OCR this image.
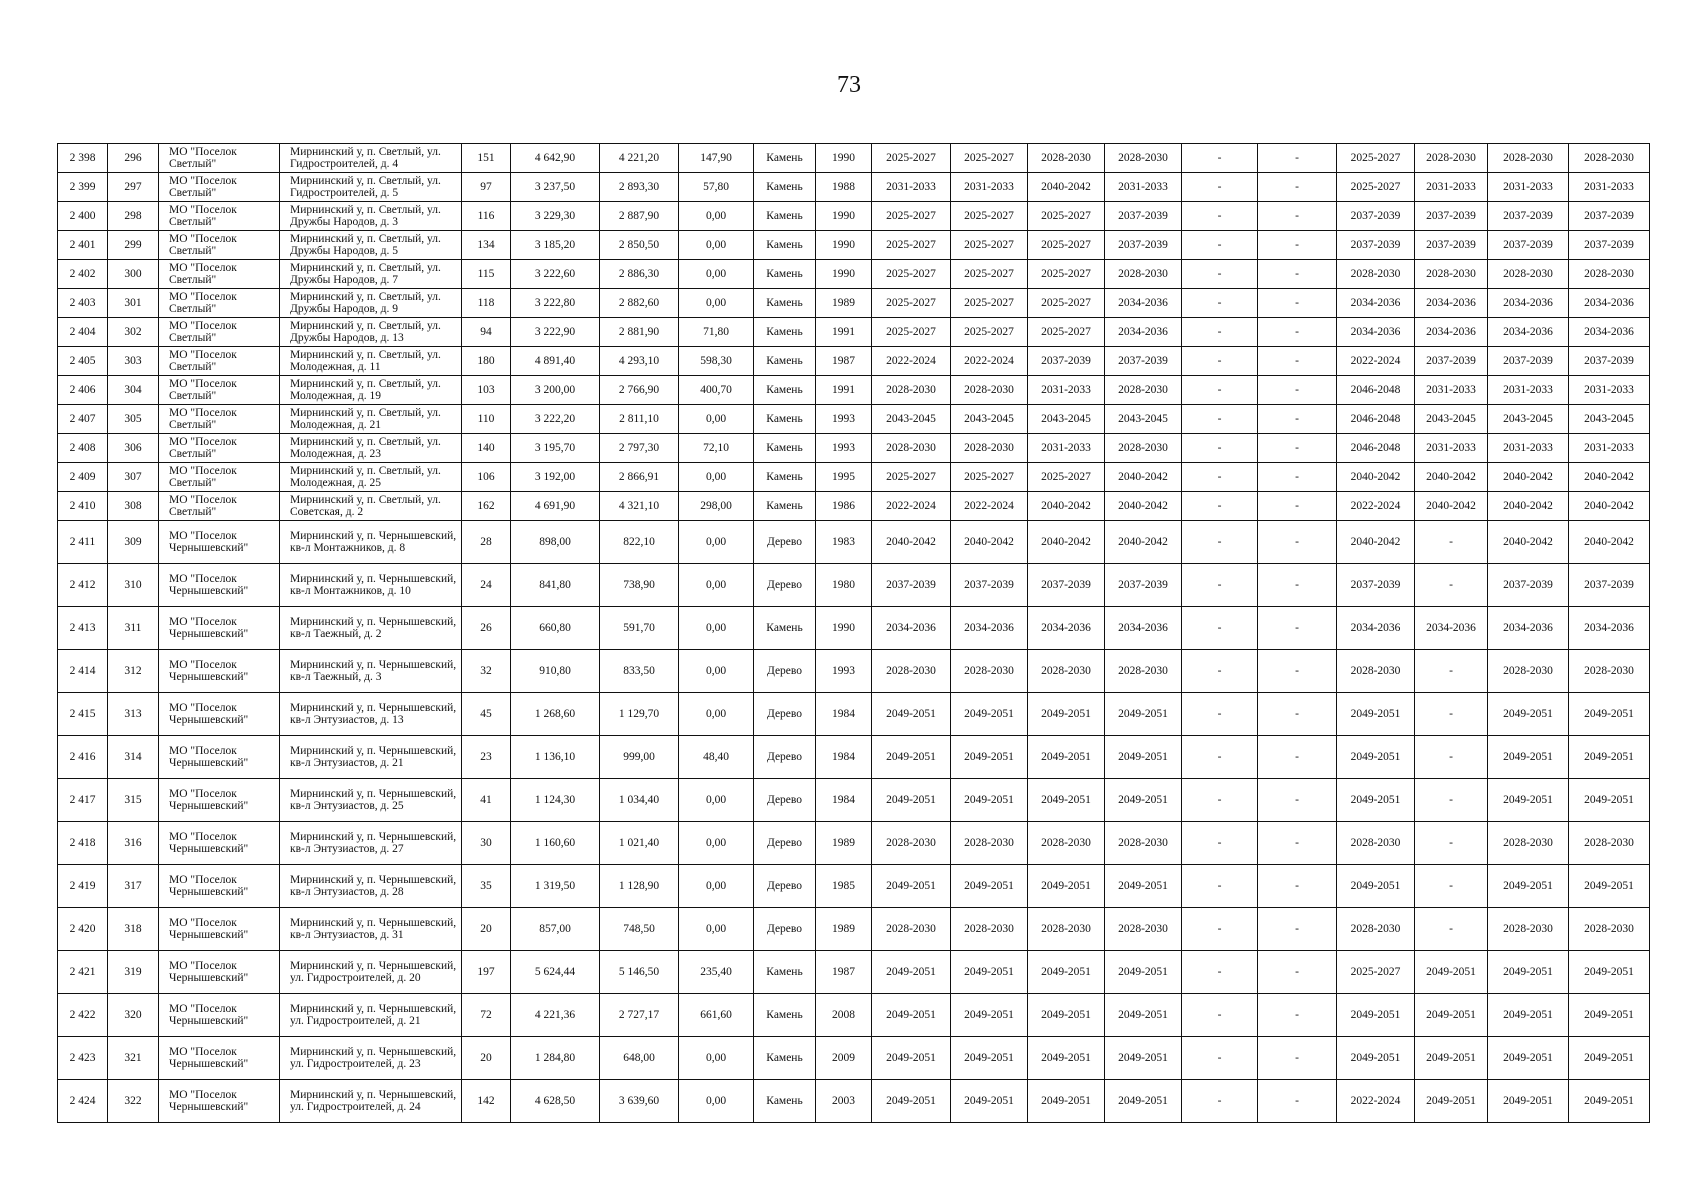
73
2 398	296	МО "Поселок Светлый"	Мирнинский у, п. Светлый, ул. Гидростроителей, д. 4	151	4 642,90	4 221,20	147,90	Камень	1990	2025-2027	2025-2027	2028-2030	2028-2030	-	-	2025-2027	2028-2030	2028-2030	2028-2030
2 399	297	МО "Поселок Светлый"	Мирнинский у, п. Светлый, ул. Гидростроителей, д. 5	97	3 237,50	2 893,30	57,80	Камень	1988	2031-2033	2031-2033	2040-2042	2031-2033	-	-	2025-2027	2031-2033	2031-2033	2031-2033
2 400	298	МО "Поселок Светлый"	Мирнинский у, п. Светлый, ул. Дружбы Народов, д. 3	116	3 229,30	2 887,90	0,00	Камень	1990	2025-2027	2025-2027	2025-2027	2037-2039	-	-	2037-2039	2037-2039	2037-2039	2037-2039
2 401	299	МО "Поселок Светлый"	Мирнинский у, п. Светлый, ул. Дружбы Народов, д. 5	134	3 185,20	2 850,50	0,00	Камень	1990	2025-2027	2025-2027	2025-2027	2037-2039	-	-	2037-2039	2037-2039	2037-2039	2037-2039
2 402	300	МО "Поселок Светлый"	Мирнинский у, п. Светлый, ул. Дружбы Народов, д. 7	115	3 222,60	2 886,30	0,00	Камень	1990	2025-2027	2025-2027	2025-2027	2028-2030	-	-	2028-2030	2028-2030	2028-2030	2028-2030
2 403	301	МО "Поселок Светлый"	Мирнинский у, п. Светлый, ул. Дружбы Народов, д. 9	118	3 222,80	2 882,60	0,00	Камень	1989	2025-2027	2025-2027	2025-2027	2034-2036	-	-	2034-2036	2034-2036	2034-2036	2034-2036
2 404	302	МО "Поселок Светлый"	Мирнинский у, п. Светлый, ул. Дружбы Народов, д. 13	94	3 222,90	2 881,90	71,80	Камень	1991	2025-2027	2025-2027	2025-2027	2034-2036	-	-	2034-2036	2034-2036	2034-2036	2034-2036
2 405	303	МО "Поселок Светлый"	Мирнинский у, п. Светлый, ул. Молодежная, д. 11	180	4 891,40	4 293,10	598,30	Камень	1987	2022-2024	2022-2024	2037-2039	2037-2039	-	-	2022-2024	2037-2039	2037-2039	2037-2039
2 406	304	МО "Поселок Светлый"	Мирнинский у, п. Светлый, ул. Молодежная, д. 19	103	3 200,00	2 766,90	400,70	Камень	1991	2028-2030	2028-2030	2031-2033	2028-2030	-	-	2046-2048	2031-2033	2031-2033	2031-2033
2 407	305	МО "Поселок Светлый"	Мирнинский у, п. Светлый, ул. Молодежная, д. 21	110	3 222,20	2 811,10	0,00	Камень	1993	2043-2045	2043-2045	2043-2045	2043-2045	-	-	2046-2048	2043-2045	2043-2045	2043-2045
2 408	306	МО "Поселок Светлый"	Мирнинский у, п. Светлый, ул. Молодежная, д. 23	140	3 195,70	2 797,30	72,10	Камень	1993	2028-2030	2028-2030	2031-2033	2028-2030	-	-	2046-2048	2031-2033	2031-2033	2031-2033
2 409	307	МО "Поселок Светлый"	Мирнинский у, п. Светлый, ул. Молодежная, д. 25	106	3 192,00	2 866,91	0,00	Камень	1995	2025-2027	2025-2027	2025-2027	2040-2042	-	-	2040-2042	2040-2042	2040-2042	2040-2042
2 410	308	МО "Поселок Светлый"	Мирнинский у, п. Светлый, ул. Советская, д. 2	162	4 691,90	4 321,10	298,00	Камень	1986	2022-2024	2022-2024	2040-2042	2040-2042	-	-	2022-2024	2040-2042	2040-2042	2040-2042
2 411	309	МО "Поселок Чернышевский"	Мирнинский у, п. Чернышевский, кв-л Монтажников, д. 8	28	898,00	822,10	0,00	Дерево	1983	2040-2042	2040-2042	2040-2042	2040-2042	-	-	2040-2042	-	2040-2042	2040-2042
2 412	310	МО "Поселок Чернышевский"	Мирнинский у, п. Чернышевский, кв-л Монтажников, д. 10	24	841,80	738,90	0,00	Дерево	1980	2037-2039	2037-2039	2037-2039	2037-2039	-	-	2037-2039	-	2037-2039	2037-2039
2 413	311	МО "Поселок Чернышевский"	Мирнинский у, п. Чернышевский, кв-л Таежный, д. 2	26	660,80	591,70	0,00	Камень	1990	2034-2036	2034-2036	2034-2036	2034-2036	-	-	2034-2036	2034-2036	2034-2036	2034-2036
2 414	312	МО "Поселок Чернышевский"	Мирнинский у, п. Чернышевский, кв-л Таежный, д. 3	32	910,80	833,50	0,00	Дерево	1993	2028-2030	2028-2030	2028-2030	2028-2030	-	-	2028-2030	-	2028-2030	2028-2030
2 415	313	МО "Поселок Чернышевский"	Мирнинский у, п. Чернышевский, кв-л Энтузиастов, д. 13	45	1 268,60	1 129,70	0,00	Дерево	1984	2049-2051	2049-2051	2049-2051	2049-2051	-	-	2049-2051	-	2049-2051	2049-2051
2 416	314	МО "Поселок Чернышевский"	Мирнинский у, п. Чернышевский, кв-л Энтузиастов, д. 21	23	1 136,10	999,00	48,40	Дерево	1984	2049-2051	2049-2051	2049-2051	2049-2051	-	-	2049-2051	-	2049-2051	2049-2051
2 417	315	МО "Поселок Чернышевский"	Мирнинский у, п. Чернышевский, кв-л Энтузиастов, д. 25	41	1 124,30	1 034,40	0,00	Дерево	1984	2049-2051	2049-2051	2049-2051	2049-2051	-	-	2049-2051	-	2049-2051	2049-2051
2 418	316	МО "Поселок Чернышевский"	Мирнинский у, п. Чернышевский, кв-л Энтузиастов, д. 27	30	1 160,60	1 021,40	0,00	Дерево	1989	2028-2030	2028-2030	2028-2030	2028-2030	-	-	2028-2030	-	2028-2030	2028-2030
2 419	317	МО "Поселок Чернышевский"	Мирнинский у, п. Чернышевский, кв-л Энтузиастов, д. 28	35	1 319,50	1 128,90	0,00	Дерево	1985	2049-2051	2049-2051	2049-2051	2049-2051	-	-	2049-2051	-	2049-2051	2049-2051
2 420	318	МО "Поселок Чернышевский"	Мирнинский у, п. Чернышевский, кв-л Энтузиастов, д. 31	20	857,00	748,50	0,00	Дерево	1989	2028-2030	2028-2030	2028-2030	2028-2030	-	-	2028-2030	-	2028-2030	2028-2030
2 421	319	МО "Поселок Чернышевский"	Мирнинский у, п. Чернышевский, ул. Гидростроителей, д. 20	197	5 624,44	5 146,50	235,40	Камень	1987	2049-2051	2049-2051	2049-2051	2049-2051	-	-	2025-2027	2049-2051	2049-2051	2049-2051
2 422	320	МО "Поселок Чернышевский"	Мирнинский у, п. Чернышевский, ул. Гидростроителей, д. 21	72	4 221,36	2 727,17	661,60	Камень	2008	2049-2051	2049-2051	2049-2051	2049-2051	-	-	2049-2051	2049-2051	2049-2051	2049-2051
2 423	321	МО "Поселок Чернышевский"	Мирнинский у, п. Чернышевский, ул. Гидростроителей, д. 23	20	1 284,80	648,00	0,00	Камень	2009	2049-2051	2049-2051	2049-2051	2049-2051	-	-	2049-2051	2049-2051	2049-2051	2049-2051
2 424	322	МО "Поселок Чернышевский"	Мирнинский у, п. Чернышевский, ул. Гидростроителей, д. 24	142	4 628,50	3 639,60	0,00	Камень	2003	2049-2051	2049-2051	2049-2051	2049-2051	-	-	2022-2024	2049-2051	2049-2051	2049-2051
